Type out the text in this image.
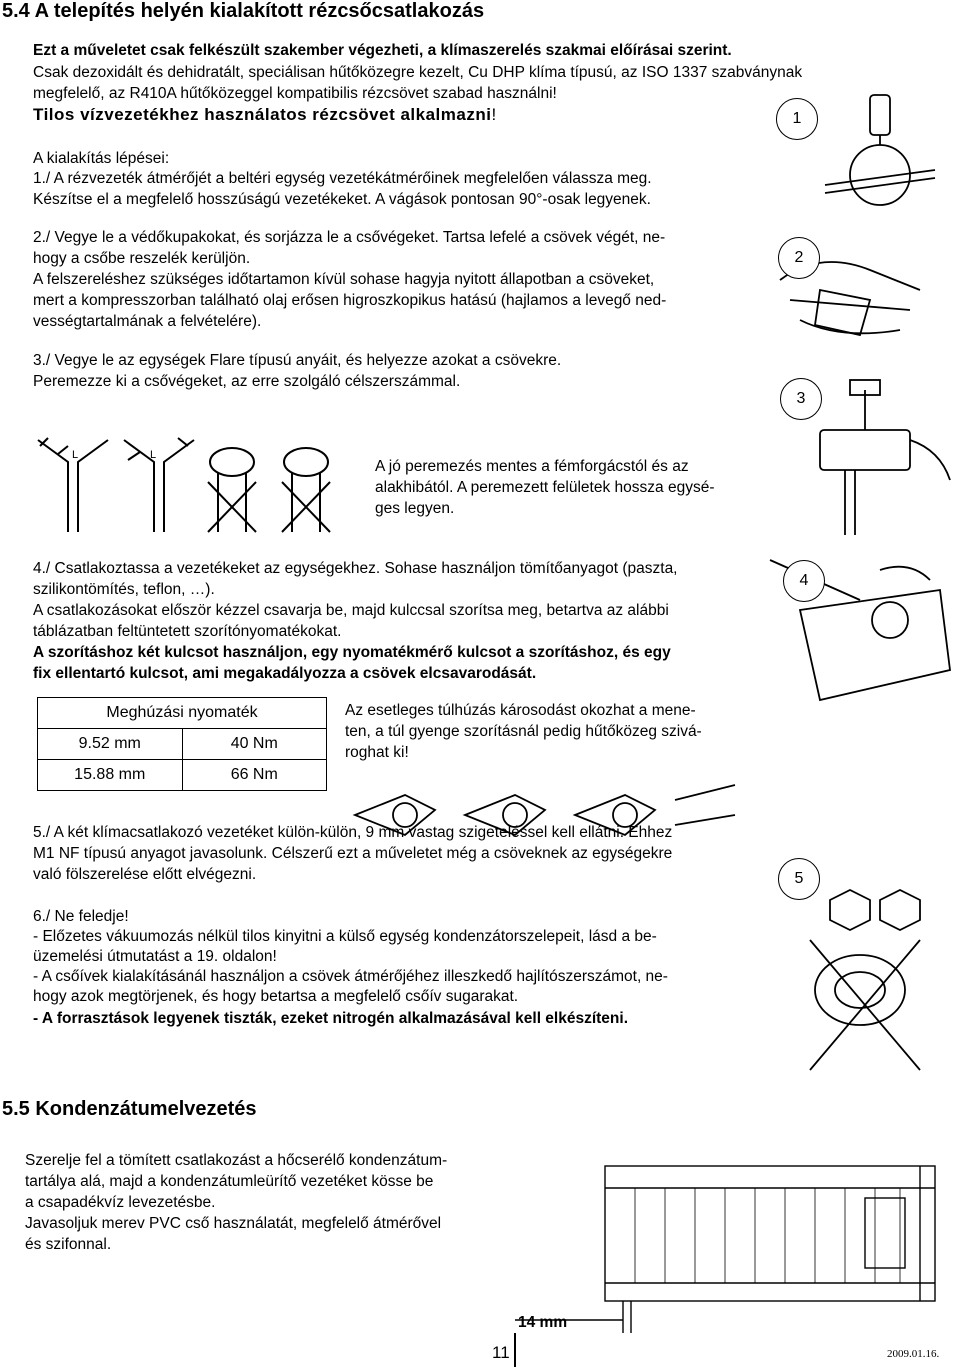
5.4 A telepítés helyén kialakított rézcsőcsatlakozás
Ezt a műveletet csak felkészült szakember végezheti, a klímaszerelés szakmai előírásai szerint.
Csak dezoxidált és dehidratált, speciálisan hűtőközegre kezelt, Cu DHP klíma típusú, az ISO 1337 szabványnak
megfelelő, az R410A hűtőközeggel kompatibilis rézcsövet szabad használni!
Tilos vízvezetékhez használatos rézcsövet alkalmazni!
A kialakítás lépései:
1./ A rézvezeték átmérőjét a beltéri egység vezetékátmérőinek megfelelően válassza meg.
Készítse el a megfelelő hosszúságú vezetékeket. A vágások pontosan 90°-osak legyenek.
2./ Vegye le a védőkupakokat, és sorjázza le a csővégeket. Tartsa lefelé a csövek végét, ne-
hogy a csőbe reszelék kerüljön.
A felszereléshez szükséges időtartamon kívül sohase hagyja nyitott állapotban a csöveket,
mert a kompresszorban található olaj erősen higroszkopikus hatású (hajlamos a levegő ned-
vességtartalmának a felvételére).
3./ Vegye le az egységek Flare típusú anyáit, és helyezze azokat a csövekre.
Peremezze ki a csővégeket, az erre szolgáló célszerszámmal.
L	L
A jó peremezés mentes a fémforgácstól és az
alakhibától. A peremezett felületek hossza egysé-
ges legyen.
4./ Csatlakoztassa a vezetékeket az egységekhez. Sohase használjon tömítőanyagot (paszta,
szilikontömítés, teflon, …).
A csatlakozásokat először kézzel csavarja be, majd kulccsal szorítsa meg, betartva az alábbi
táblázatban feltüntetett szorítónyomatékokat.
A szorításhoz két kulcsot használjon, egy nyomatékmérő kulcsot a szorításhoz, és egy
fix ellentartó kulcsot, ami megakadályozza a csövek elcsavarodását.
Meghúzási nyomaték	
9.52 mm	40 Nm
15.88 mm	66 Nm
Az esetleges túlhúzás károsodást okozhat a mene-
ten, a túl gyenge szorításnál pedig hűtőközeg szivá-
roghat ki!
5./ A két klímacsatlakozó vezetéket külön-külön, 9 mm vastag szigeteléssel kell ellátni. Ehhez
M1 NF típusú anyagot javasolunk. Célszerű ezt a műveletet még a csöveknek az egységekre
való fölszerelése előtt elvégezni.
6./ Ne feledje!
- Előzetes vákuumozás nélkül tilos kinyitni a külső egység kondenzátorszelepeit, lásd a be-
üzemelési útmutatást a 19. oldalon!
- A csőívek kialakításánál használjon a csövek átmérőjéhez illeszkedő hajlítószerszámot, ne-
hogy azok megtörjenek, és hogy betartsa a megfelelő csőív sugarakat.
- A forrasztások legyenek tiszták, ezeket nitrogén alkalmazásával kell elkészíteni.
1
2
3
4
5
5.5 Kondenzátumelvezetés
Szerelje fel a tömített csatlakozást a hőcserélő kondenzátum-
tartálya alá, majd a kondenzátumleürítő vezetéket kösse be
a csapadékvíz levezetésbe.
Javasoljuk merev PVC cső használatát, megfelelő átmérővel
és szifonnal.
14 mm
11	2009.01.16.
